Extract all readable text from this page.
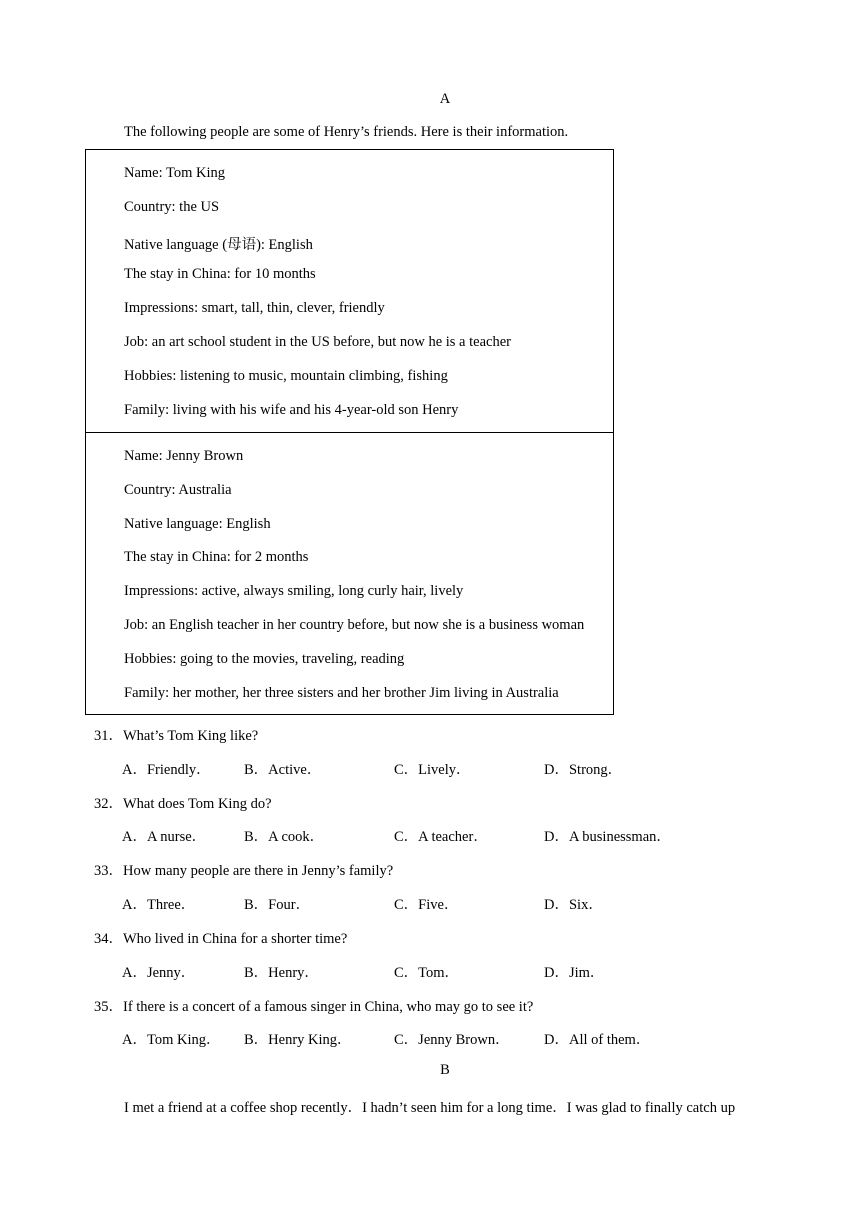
A
The following people are some of Henry’s friends. Here is their information.
Name: Tom King
Country: the US
Native language (母语): English
The stay in China: for 10 months
Impressions: smart, tall, thin, clever, friendly
Job: an art school student in the US before, but now he is a teacher
Hobbies: listening to music, mountain climbing, fishing
Family: living with his wife and his 4-year-old son Henry
Name: Jenny Brown
Country: Australia
Native language: English
The stay in China: for 2 months
Impressions: active, always smiling, long curly hair, lively
Job: an English teacher in her country before, but now she is a business woman
Hobbies: going to the movies, traveling, reading
Family: her mother, her three sisters and her brother Jim living in Australia
31．What’s Tom King like?
A．Friendly． B．Active．	C．Lively．	D．Strong．
32．What does Tom King do?
A．A nurse．	B．A cook．	C．A teacher．	D．A businessman．
33．How many people are there in Jenny’s family?
A．Three．	B．Four．	C．Five．	D．Six．
34．Who lived in China for a shorter time?
A．Jenny．	B．Henry．	C．Tom．	D．Jim．
35．If there is a concert of a famous singer in China, who may go to see it?
A．Tom King． B．Henry King．	C．Jenny Brown． D．All of them．
B
I met a friend at a coffee shop recently．I hadn’t seen him for a long time．I was glad to finally catch up
